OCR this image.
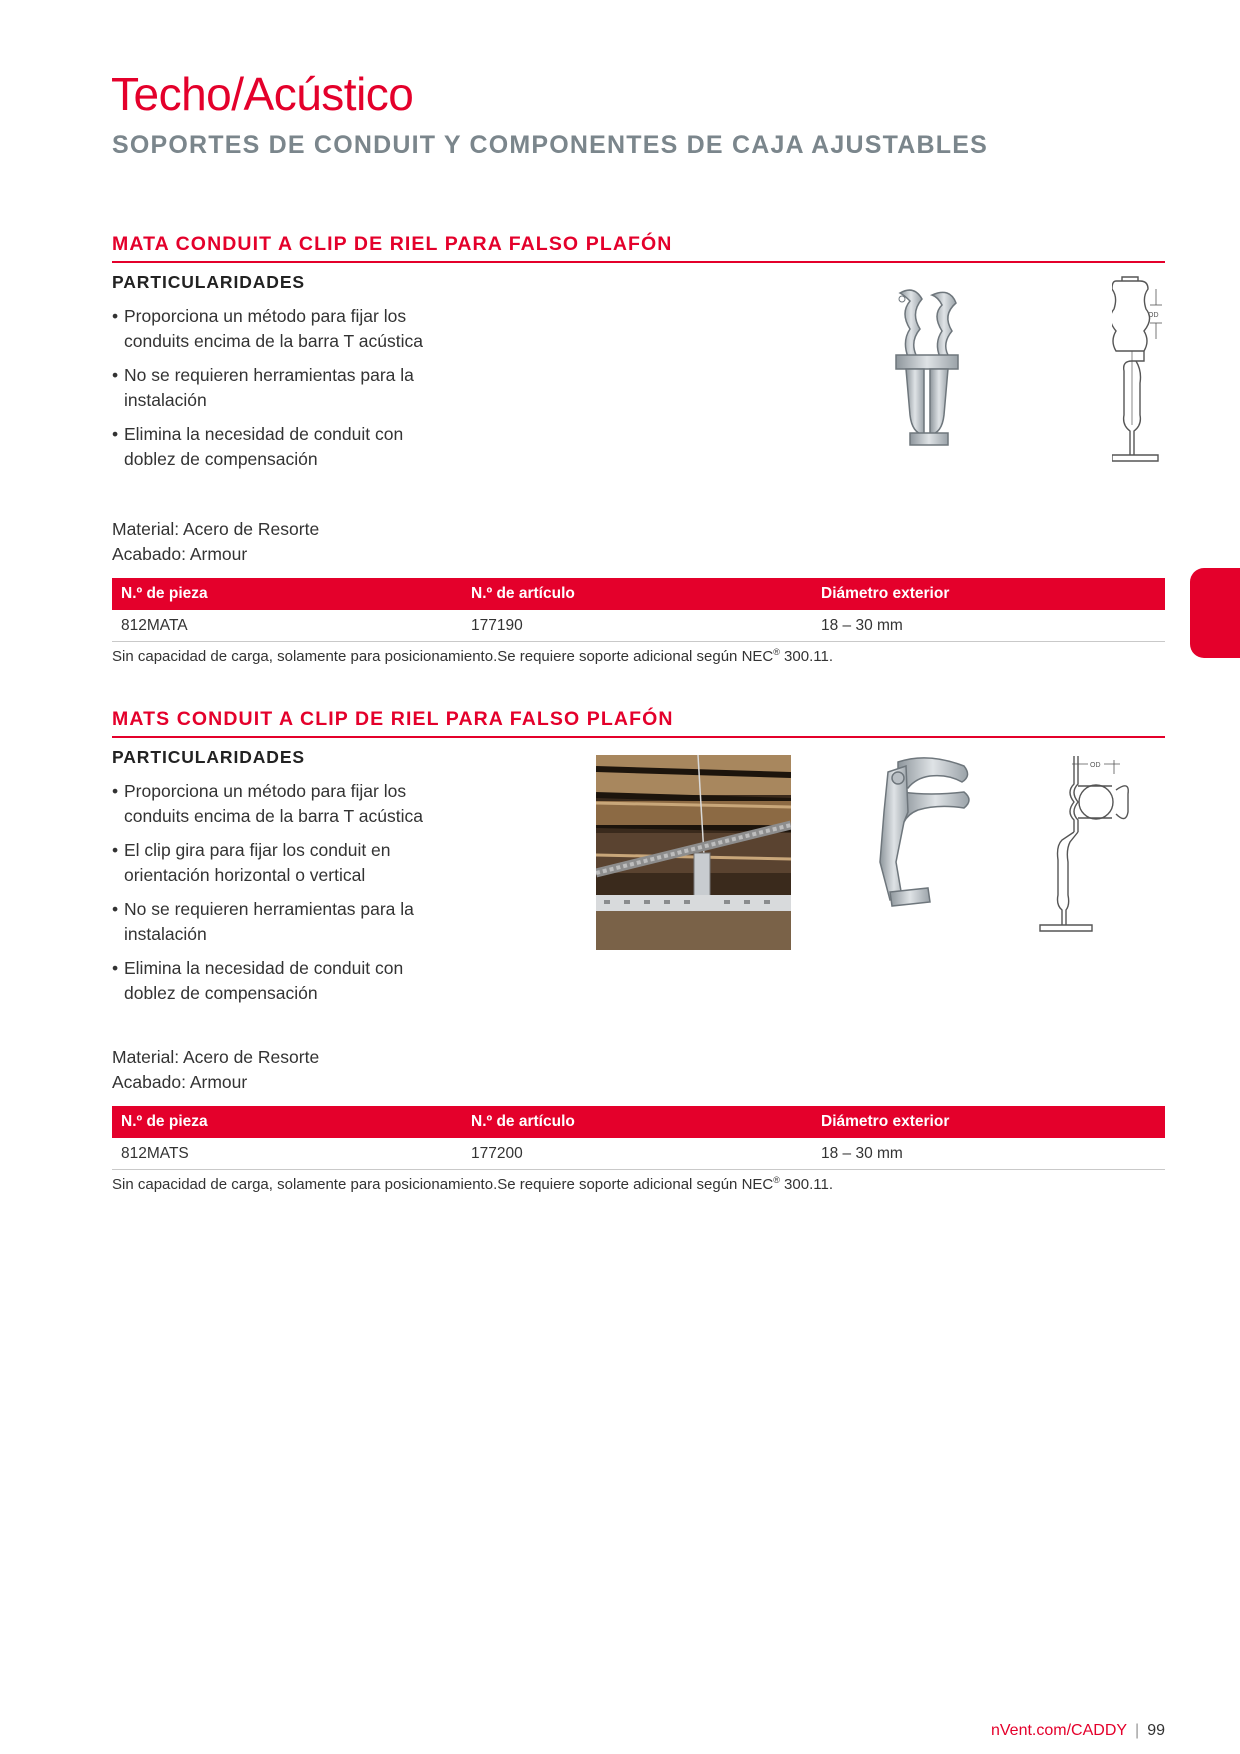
Techo/Acústico
SOPORTES DE CONDUIT Y COMPONENTES DE CAJA AJUSTABLES
MATA CONDUIT A CLIP DE RIEL PARA FALSO PLAFÓN
PARTICULARIDADES
• Proporciona un método para fijar los conduits encima de la barra T acústica
• No se requieren herramientas para la instalación
• Elimina la necesidad de conduit con doblez de compensación

Material: Acero de Resorte

Acabado: Armour

OD
N.º de pieza	N.º de artículo	Diámetro exterior
812MATA	177190	18 – 30 mm

Sin capacidad de carga, solamente para posicionamiento.Se requiere soporte adicional según NEC® 300.11.

MATS CONDUIT A CLIP DE RIEL PARA FALSO PLAFÓN
PARTICULARIDADES
• Proporciona un método para fijar los conduits encima de la barra T acústica
• El clip gira para fijar los conduit en orientación horizontal o vertical
• No se requieren herramientas para la instalación
• Elimina la necesidad de conduit con doblez de compensación

Material: Acero de Resorte

Acabado: Armour

OD
N.º de pieza	N.º de artículo	Diámetro exterior
812MATS	177200	18 – 30 mm

Sin capacidad de carga, solamente para posicionamiento.Se requiere soporte adicional según NEC® 300.11.

nVent.com/CADDY | 99
